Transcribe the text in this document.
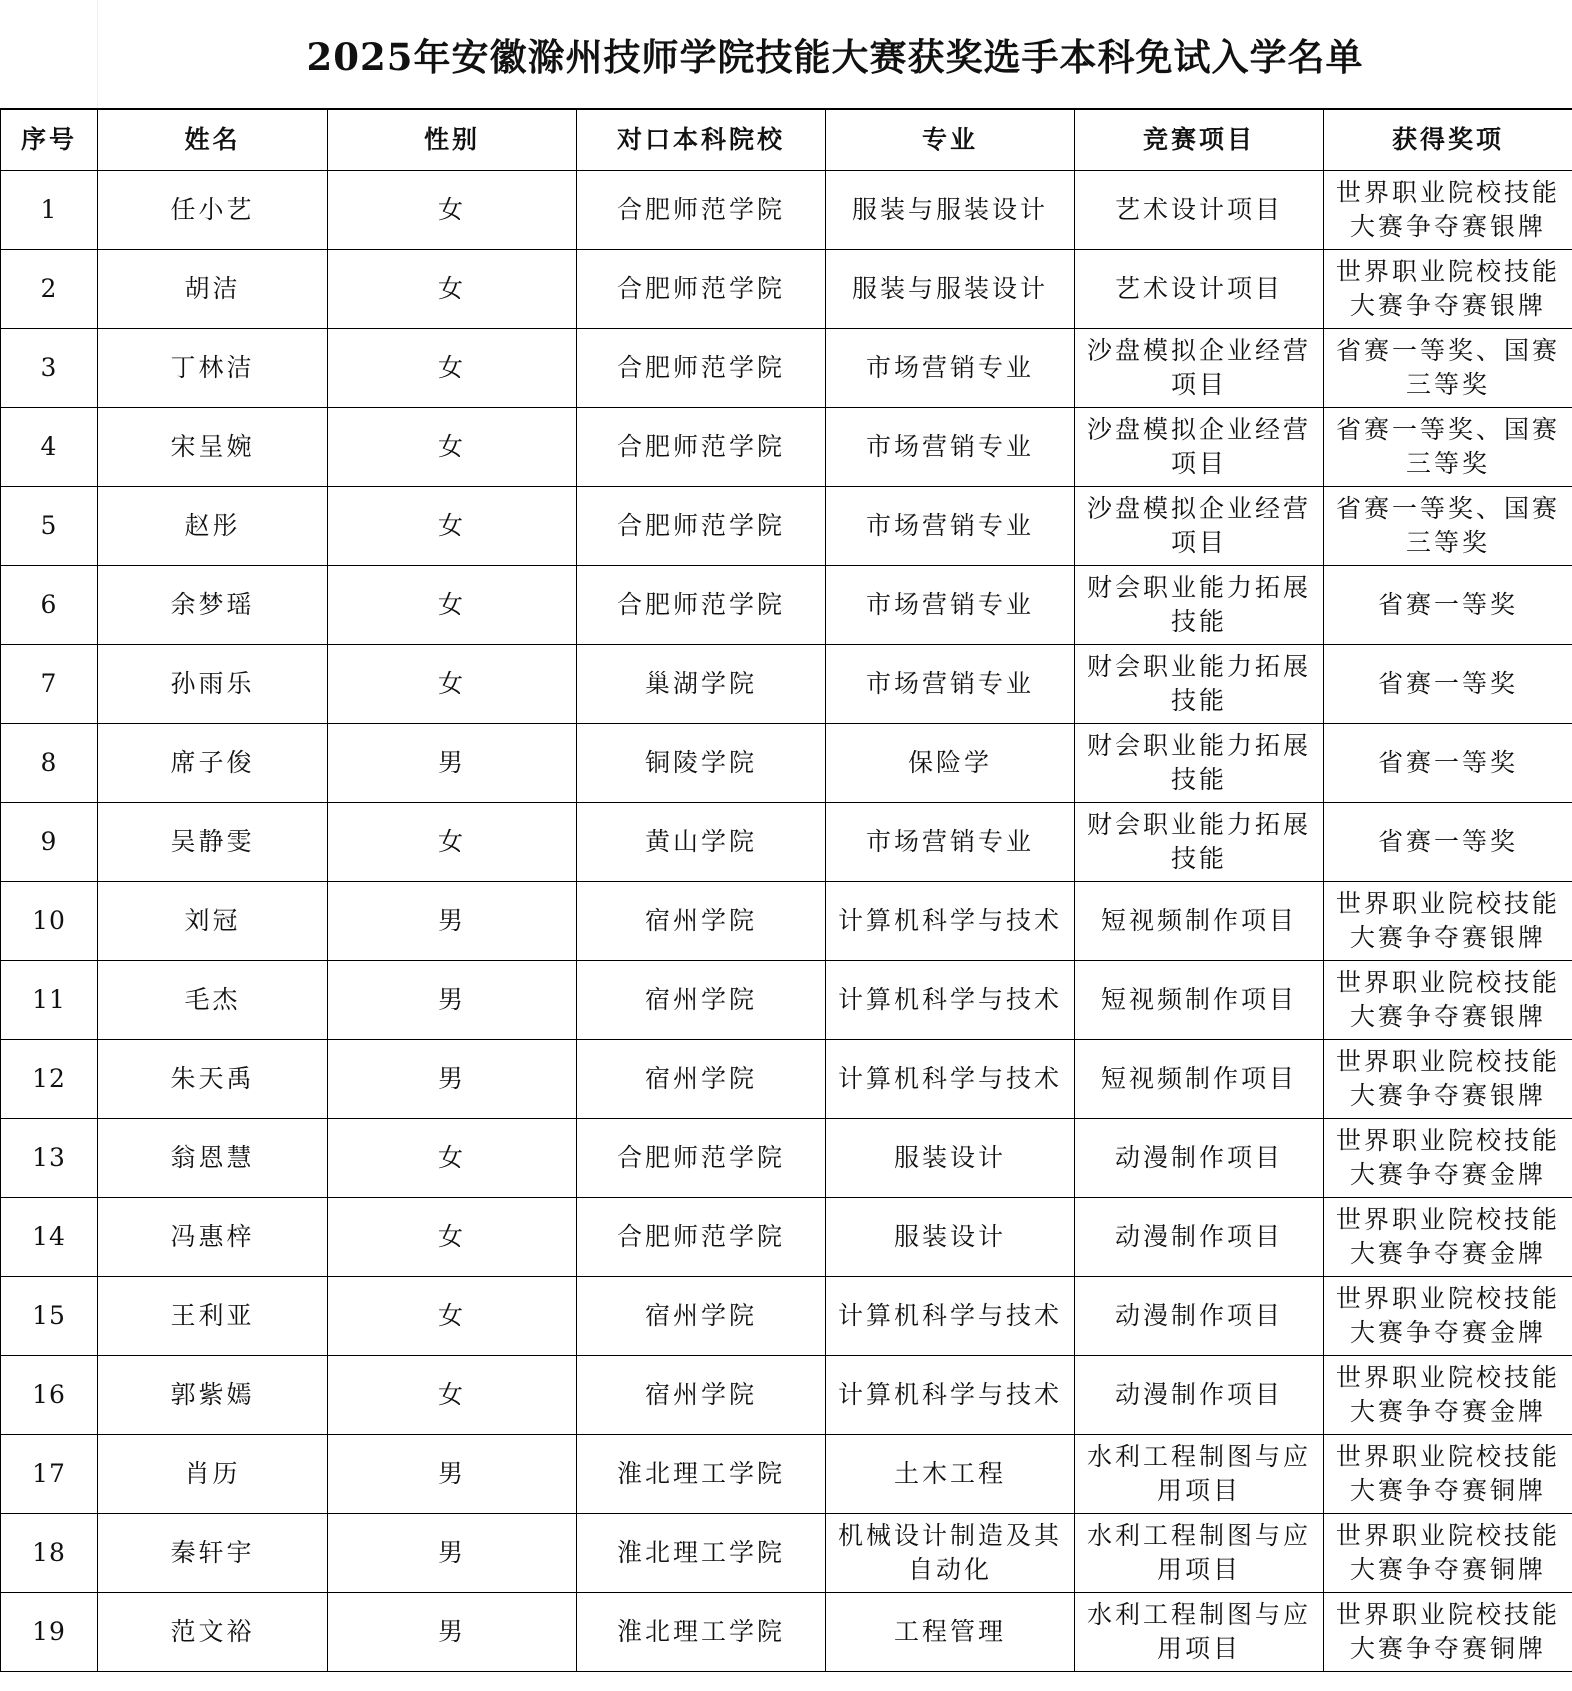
2025年安徽滁州技师学院技能大赛获奖选手本科免试入学名单
序号	姓名	性别	对口本科院校	专业	竞赛项目	获得奖项
1	任小艺	女	合肥师范学院	服装与服装设计	艺术设计项目	世界职业院校技能大赛争夺赛银牌
2	胡洁	女	合肥师范学院	服装与服装设计	艺术设计项目	世界职业院校技能大赛争夺赛银牌
3	丁林洁	女	合肥师范学院	市场营销专业	沙盘模拟企业经营项目	省赛一等奖、国赛三等奖
4	宋呈婉	女	合肥师范学院	市场营销专业	沙盘模拟企业经营项目	省赛一等奖、国赛三等奖
5	赵彤	女	合肥师范学院	市场营销专业	沙盘模拟企业经营项目	省赛一等奖、国赛三等奖
6	余梦瑶	女	合肥师范学院	市场营销专业	财会职业能力拓展技能	省赛一等奖
7	孙雨乐	女	巢湖学院	市场营销专业	财会职业能力拓展技能	省赛一等奖
8	席子俊	男	铜陵学院	保险学	财会职业能力拓展技能	省赛一等奖
9	吴静雯	女	黄山学院	市场营销专业	财会职业能力拓展技能	省赛一等奖
10	刘冠	男	宿州学院	计算机科学与技术	短视频制作项目	世界职业院校技能大赛争夺赛银牌
11	毛杰	男	宿州学院	计算机科学与技术	短视频制作项目	世界职业院校技能大赛争夺赛银牌
12	朱天禹	男	宿州学院	计算机科学与技术	短视频制作项目	世界职业院校技能大赛争夺赛银牌
13	翁恩慧	女	合肥师范学院	服装设计	动漫制作项目	世界职业院校技能大赛争夺赛金牌
14	冯惠梓	女	合肥师范学院	服装设计	动漫制作项目	世界职业院校技能大赛争夺赛金牌
15	王利亚	女	宿州学院	计算机科学与技术	动漫制作项目	世界职业院校技能大赛争夺赛金牌
16	郭紫嫣	女	宿州学院	计算机科学与技术	动漫制作项目	世界职业院校技能大赛争夺赛金牌
17	肖历	男	淮北理工学院	土木工程	水利工程制图与应用项目	世界职业院校技能大赛争夺赛铜牌
18	秦轩宇	男	淮北理工学院	机械设计制造及其自动化	水利工程制图与应用项目	世界职业院校技能大赛争夺赛铜牌
19	范文裕	男	淮北理工学院	工程管理	水利工程制图与应用项目	世界职业院校技能大赛争夺赛铜牌
